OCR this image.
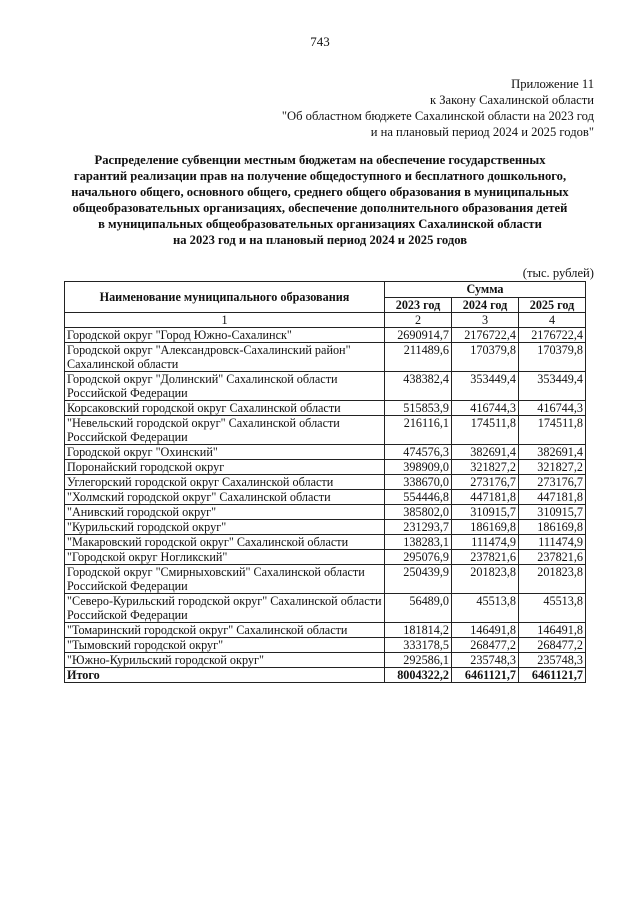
743
Приложение 11
к Закону Сахалинской области
"Об областном бюджете Сахалинской области на 2023 год
и на плановый период 2024 и 2025 годов"
Распределение субвенции местным бюджетам на обеспечение государственных
гарантий реализации прав на получение общедоступного и бесплатного дошкольного,
начального общего, основного общего, среднего общего образования в муниципальных
общеобразовательных организациях, обеспечение дополнительного образования детей
в муниципальных общеобразовательных организациях Сахалинской области
на 2023 год и на плановый период 2024 и 2025 годов
(тыс. рублей)
Наименование муниципального образования	Сумма		
	2023 год	2024 год	2025 год
1	2	3	4
Городской округ "Город Южно-Сахалинск"	2690914,7	2176722,4	2176722,4
Городской округ "Александровск-Сахалинский район" Сахалинской области	211489,6	170379,8	170379,8
Городской округ "Долинский" Сахалинской области Российской Федерации	438382,4	353449,4	353449,4
Корсаковский городской округ Сахалинской области	515853,9	416744,3	416744,3
"Невельский городской округ" Сахалинской области Российской Федерации	216116,1	174511,8	174511,8
Городской округ "Охинский"	474576,3	382691,4	382691,4
Поронайский городской округ	398909,0	321827,2	321827,2
Углегорский городской округ Сахалинской области	338670,0	273176,7	273176,7
"Холмский городской округ" Сахалинской области	554446,8	447181,8	447181,8
"Анивский городской округ"	385802,0	310915,7	310915,7
"Курильский городской округ"	231293,7	186169,8	186169,8
"Макаровский городской округ" Сахалинской области	138283,1	111474,9	111474,9
"Городской округ Ногликский"	295076,9	237821,6	237821,6
Городской округ "Смирныховский" Сахалинской области Российской Федерации	250439,9	201823,8	201823,8
"Северо-Курильский городской округ" Сахалинской области Российской Федерации	56489,0	45513,8	45513,8
"Томаринский городской округ" Сахалинской области	181814,2	146491,8	146491,8
"Тымовский городской округ"	333178,5	268477,2	268477,2
"Южно-Курильский городской округ"	292586,1	235748,3	235748,3
Итого	8004322,2	6461121,7	6461121,7
